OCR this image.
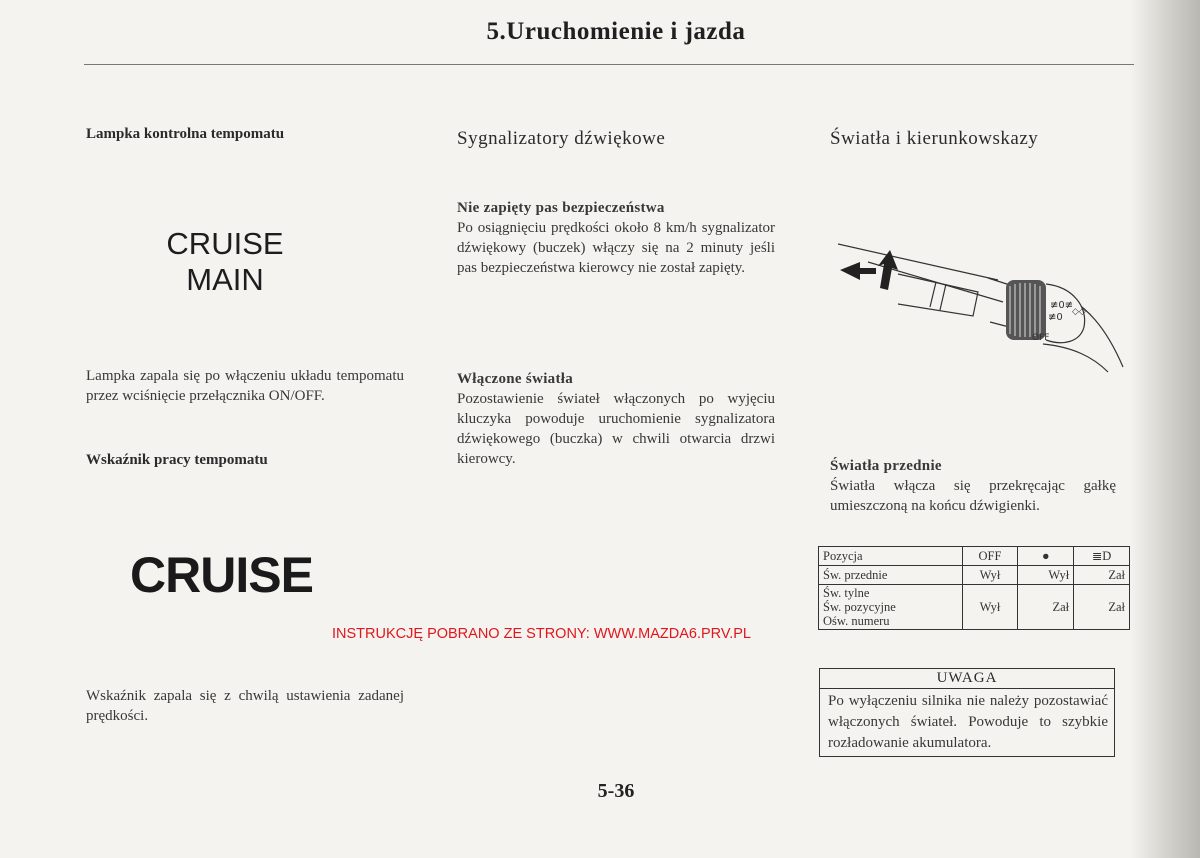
5.Uruchomienie i jazda
Lampka kontrolna tempomatu
CRUISE
MAIN
Lampka zapala się po włączeniu układu tempomatu przez wciśnięcie przełącznika ON/OFF.
Wskaźnik pracy tempomatu
CRUISE
Wskaźnik zapala się z chwilą ustawienia zadanej prędkości.
Sygnalizatory dźwiękowe
Nie zapięty pas bezpieczeństwa
Po osiągnięciu prędkości około 8 km/h sygnalizator dźwiękowy (buczek) włączy się na 2 minuty jeśli pas bezpieczeństwa kierowcy nie został zapięty.
Włączone światła
Pozostawienie świateł włączonych po wyjęciu kluczyka powoduje uruchomienie sygnalizatora dźwiękowego (buczka) w chwili otwarcia drzwi kierowcy.
Światła i kierunkowskazy
≢0≢
≢0
OFF
◇◇
Światła przednie
Światła włącza się przekręcając gałkę umieszczoną na końcu dźwigienki.
Pozycja	OFF	●	≣D
Św. przednie	Wył	Wył	Zał

Św. tylne
Św. pozycyjne
Ośw. numeru	Wył	Zał	Zał
UWAGA
Po wyłączeniu silnika nie należy pozostawiać włączonych świateł. Powoduje to szybkie rozładowanie akumulatora.
INSTRUKCJĘ POBRANO ZE STRONY: WWW.MAZDA6.PRV.PL
5-36
